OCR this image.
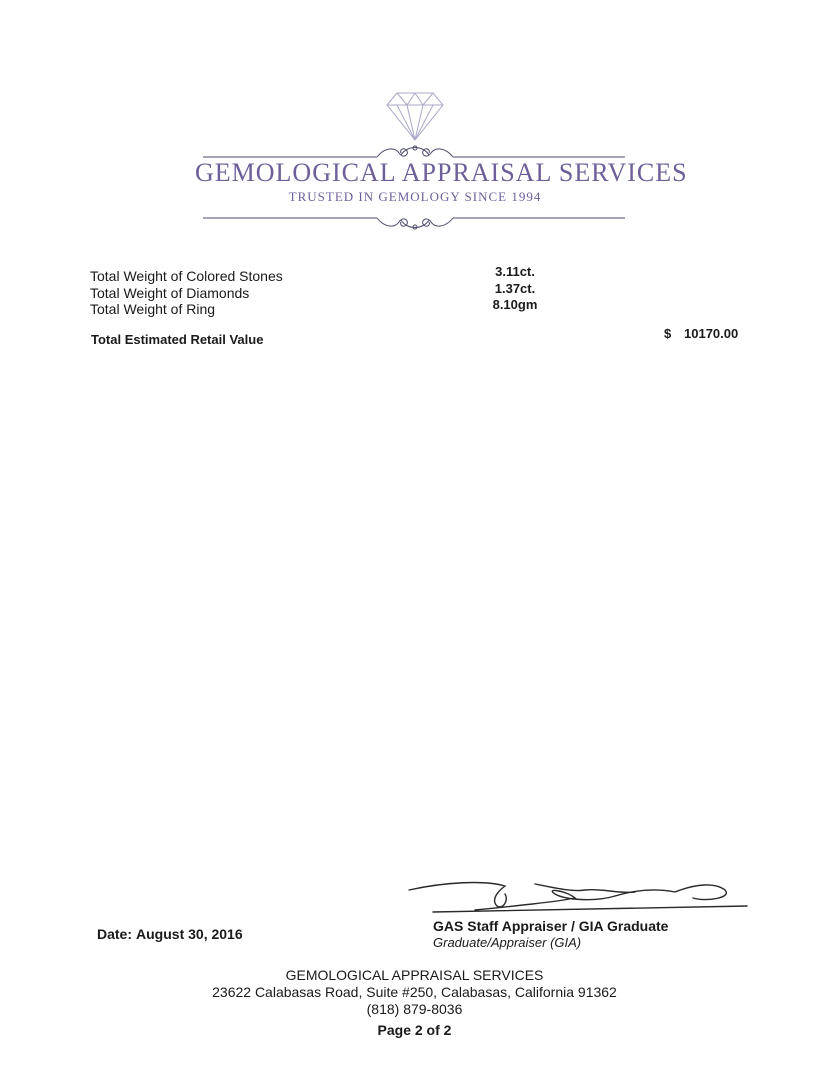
GEMOLOGICAL APPRAISAL SERVICES
TRUSTED IN GEMOLOGY SINCE 1994
Total Weight of Colored Stones	3.11ct.
Total Weight of Diamonds	1.37ct.
Total Weight of Ring	8.10gm
Total Estimated Retail Value	$ 10170.00
Date: August 30, 2016	GAS Staff Appraiser / GIA Graduate
Graduate/Appraiser (GIA)
GEMOLOGICAL APPRAISAL SERVICES
23622 Calabasas Road, Suite #250, Calabasas, California 91362
(818) 879-8036
Page 2 of 2
